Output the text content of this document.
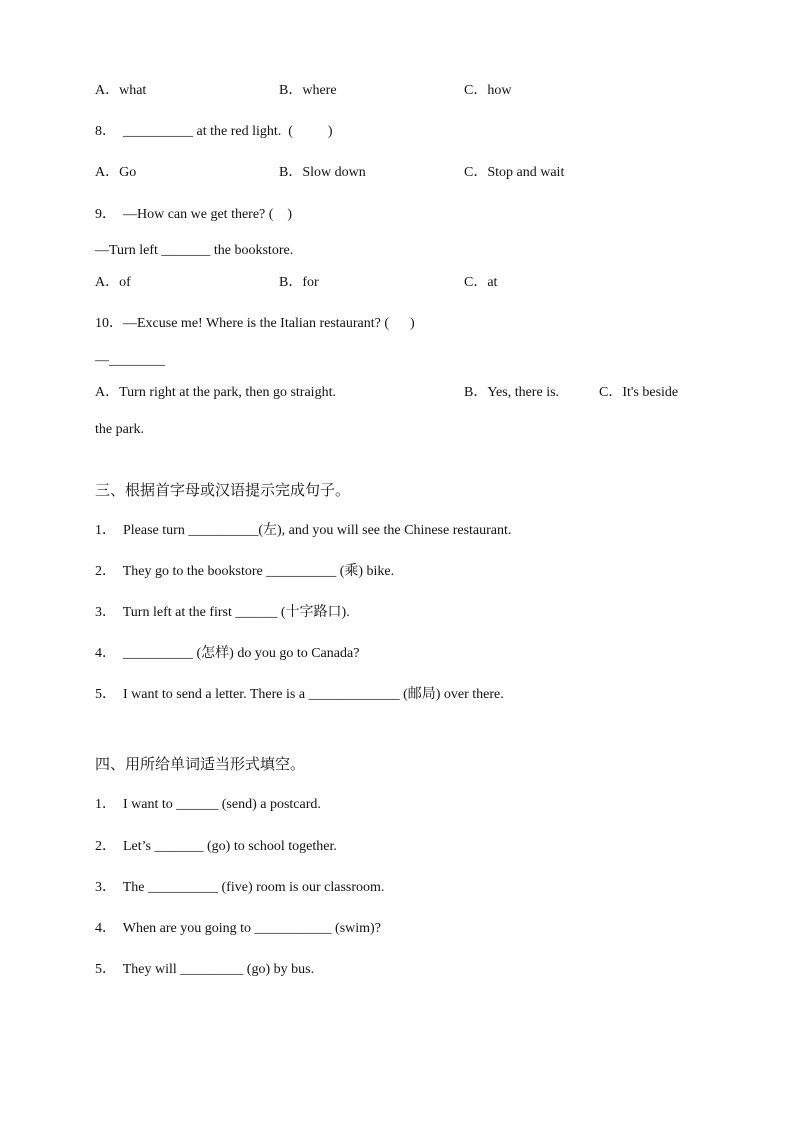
A．what	B．where	C．how
8．  __________ at the red light.  (          )
A．Go	B．Slow down	C．Stop and wait
9．  —How can we get there? (    )
—Turn left _______ the bookstore.
A．of	B．for	C．at
10．—Excuse me! Where is the Italian restaurant? (      )
—________
A．Turn right at the park, then go straight.	B．Yes, there is.	C．It's beside
the park.
三、根据首字母或汉语提示完成句子。
1．  Please turn __________(左), and you will see the Chinese restaurant.
2．  They go to the bookstore __________ (乘) bike.
3．  Turn left at the first ______ (十字路口).
4．  __________ (怎样) do you go to Canada?
5．  I want to send a letter. There is a _____________ (邮局) over there.
四、用所给单词适当形式填空。
1．  I want to ______ (send) a postcard.
2．  Let’s _______ (go) to school together.
3．  The __________ (five) room is our classroom.
4．  When are you going to ___________ (swim)?
5．  They will _________ (go) by bus.
